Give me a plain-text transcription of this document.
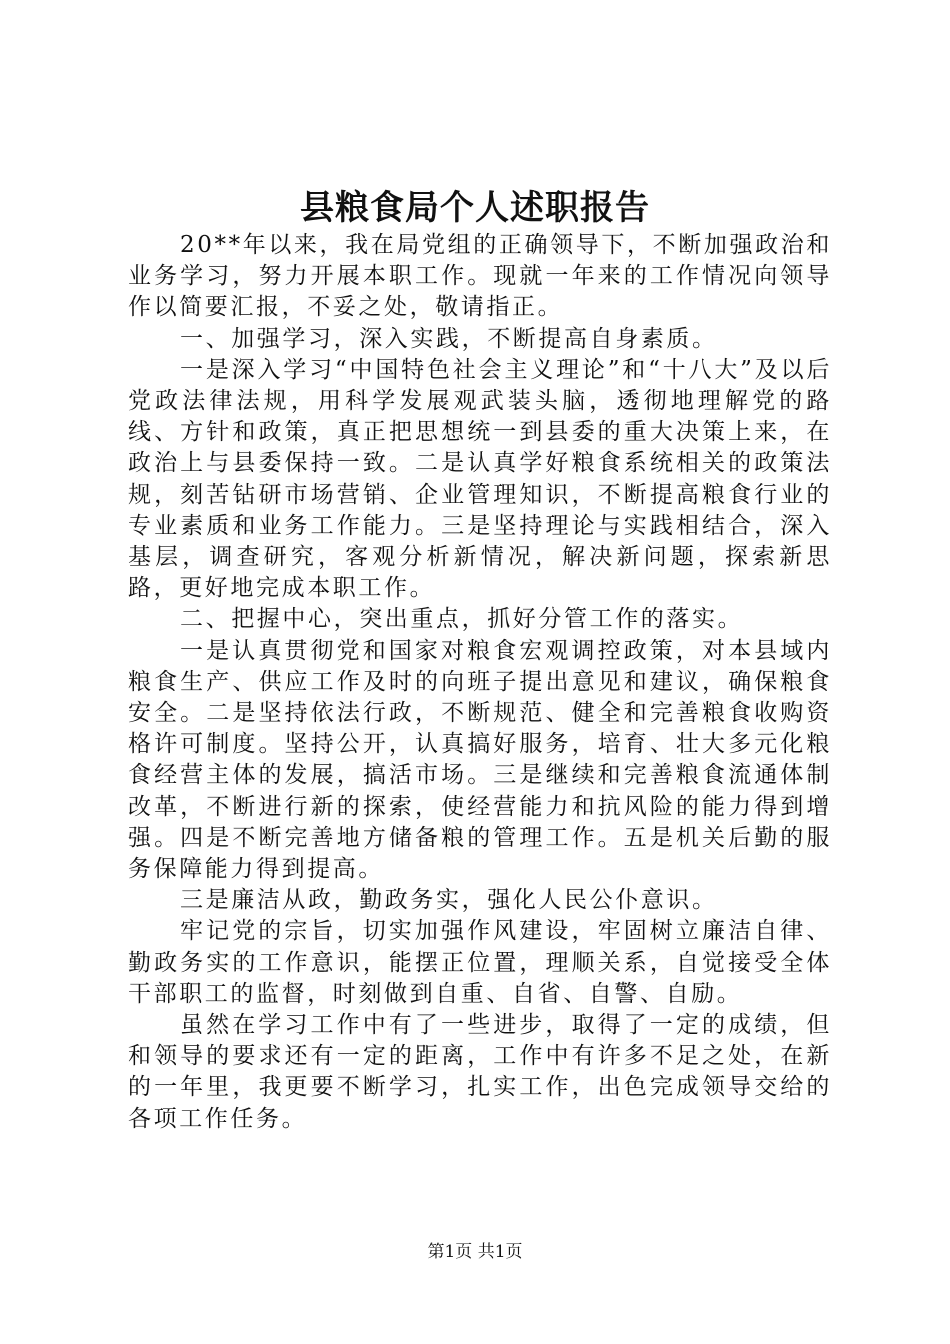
县粮食局个人述职报告

20**年以来，我在局党组的正确领导下，不断加强政治和业务学习，努力开展本职工作。现就一年来的工作情况向领导作以简要汇报，不妥之处，敬请指正。

一、加强学习，深入实践，不断提高自身素质。

一是深入学习“中国特色社会主义理论”和“十八大”及以后党政法律法规，用科学发展观武装头脑，透彻地理解党的路线、方针和政策，真正把思想统一到县委的重大决策上来，在政治上与县委保持一致。二是认真学好粮食系统相关的政策法规，刻苦钻研市场营销、企业管理知识，不断提高粮食行业的专业素质和业务工作能力。三是坚持理论与实践相结合，深入基层，调查研究，客观分析新情况，解决新问题，探索新思路，更好地完成本职工作。

二、把握中心，突出重点，抓好分管工作的落实。

一是认真贯彻党和国家对粮食宏观调控政策，对本县域内粮食生产、供应工作及时的向班子提出意见和建议，确保粮食安全。二是坚持依法行政，不断规范、健全和完善粮食收购资格许可制度。坚持公开，认真搞好服务，培育、壮大多元化粮食经营主体的发展，搞活市场。三是继续和完善粮食流通体制改革，不断进行新的探索，使经营能力和抗风险的能力得到增强。四是不断完善地方储备粮的管理工作。五是机关后勤的服务保障能力得到提高。

三是廉洁从政，勤政务实，强化人民公仆意识。

牢记党的宗旨，切实加强作风建设，牢固树立廉洁自律、勤政务实的工作意识，能摆正位置，理顺关系，自觉接受全体干部职工的监督，时刻做到自重、自省、自警、自励。

虽然在学习工作中有了一些进步，取得了一定的成绩，但和领导的要求还有一定的距离，工作中有许多不足之处，在新的一年里，我更要不断学习，扎实工作，出色完成领导交给的各项工作任务。

第1页 共1页
